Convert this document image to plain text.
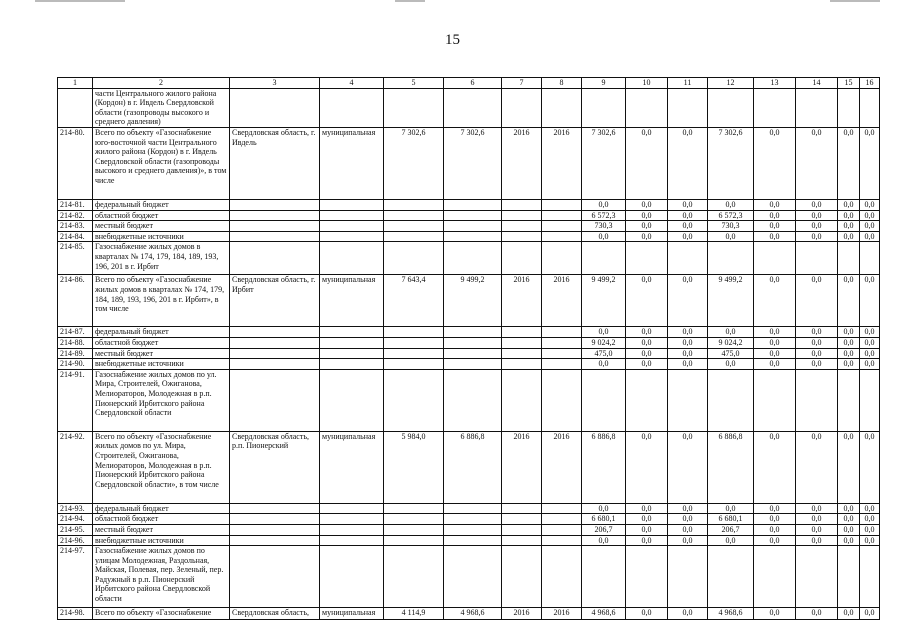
15
1	2	3	4	5	6	7	8	9	10	11	12	13	14	15	16
	части Центрального жилого района (Кордон) в г. Ивдель Свердловской области (газопроводы высокого и среднего давления)														
214-80.	Всего по объекту «Газоснабжение юго-восточной части Центрального жилого района (Кордон) в г. Ивдель Свердловской области (газопроводы высокого и среднего давления)», в том числе	Свердловская область, г. Ивдель	муниципальная	7 302,6	7 302,6	2016	2016	7 302,6	0,0	0,0	7 302,6	0,0	0,0	0,0	0,0
214-81.	федеральный бюджет							0,0	0,0	0,0	0,0	0,0	0,0	0,0	0,0
214-82.	областной бюджет							6 572,3	0,0	0,0	6 572,3	0,0	0,0	0,0	0,0
214-83.	местный бюджет							730,3	0,0	0,0	730,3	0,0	0,0	0,0	0,0
214-84.	внебюджетные источники							0,0	0,0	0,0	0,0	0,0	0,0	0,0	0,0
214-85.	Газоснабжение жилых домов в кварталах № 174, 179, 184, 189, 193, 196, 201 в г. Ирбит														
214-86.	Всего по объекту «Газоснабжение жилых домов в кварталах № 174, 179, 184, 189, 193, 196, 201 в г. Ирбит», в том числе	Свердловская область, г. Ирбит	муниципальная	7 643,4	9 499,2	2016	2016	9 499,2	0,0	0,0	9 499,2	0,0	0,0	0,0	0,0
214-87.	федеральный бюджет							0,0	0,0	0,0	0,0	0,0	0,0	0,0	0,0
214-88.	областной бюджет							9 024,2	0,0	0,0	9 024,2	0,0	0,0	0,0	0,0
214-89.	местный бюджет							475,0	0,0	0,0	475,0	0,0	0,0	0,0	0,0
214-90.	внебюджетные источники							0,0	0,0	0,0	0,0	0,0	0,0	0,0	0,0
214-91.	Газоснабжение жилых домов по ул. Мира, Строителей, Ожиганова, Мелиораторов, Молодежная в р.п. Пионерский Ирбитского района Свердловской области														
214-92.	Всего по объекту «Газоснабжение жилых домов по ул. Мира, Строителей, Ожиганова, Мелиораторов, Молодежная в р.п. Пионерский Ирбитского района Свердловской области», в том числе	Свердловская область, р.п. Пионерский	муниципальная	5 984,0	6 886,8	2016	2016	6 886,8	0,0	0,0	6 886,8	0,0	0,0	0,0	0,0
214-93.	федеральный бюджет							0,0	0,0	0,0	0,0	0,0	0,0	0,0	0,0
214-94.	областной бюджет							6 680,1	0,0	0,0	6 680,1	0,0	0,0	0,0	0,0
214-95.	местный бюджет							206,7	0,0	0,0	206,7	0,0	0,0	0,0	0,0
214-96.	внебюджетные источники							0,0	0,0	0,0	0,0	0,0	0,0	0,0	0,0
214-97.	Газоснабжение жилых домов по улицам Молодежная, Раздольная, Майская, Полевая, пер. Зеленый, пер. Радужный в р.п. Пионерский Ирбитского района Свердловской области														
214-98.	Всего по объекту «Газоснабжение	Свердловская область,	муниципальная	4 114,9	4 968,6	2016	2016	4 968,6	0,0	0,0	4 968,6	0,0	0,0	0,0	0,0
